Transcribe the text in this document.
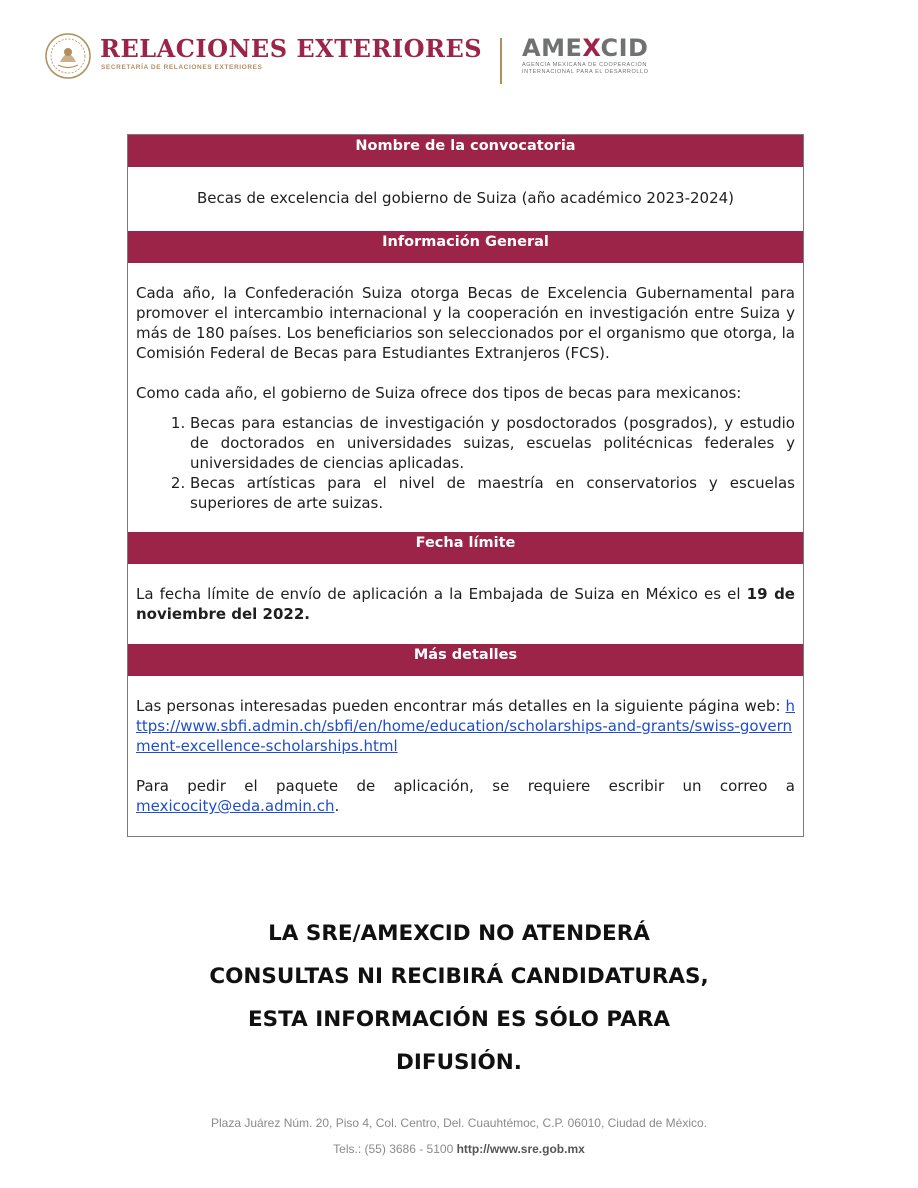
RELACIONES EXTERIORES
SECRETARÍA DE RELACIONES EXTERIORES
AMEXCID
AGENCIA MEXICANA DE COOPERACIÓN
INTERNACIONAL PARA EL DESARROLLO
Nombre de la convocatoria
Becas de excelencia del gobierno de Suiza (año académico 2023-2024)
Información General

Cada año, la Confederación Suiza otorga Becas de Excelencia Gubernamental para promover el intercambio internacional y la cooperación en investigación entre Suiza y más de 180 países. Los beneficiarios son seleccionados por el organismo que otorga, la Comisión Federal de Becas para Estudiantes Extranjeros (FCS).

Como cada año, el gobierno de Suiza ofrece dos tipos de becas para mexicanos:

1. Becas para estancias de investigación y posdoctorados (posgrados), y estudio de doctorados en universidades suizas, escuelas politécnicas federales y universidades de ciencias aplicadas.
2. Becas artísticas para el nivel de maestría en conservatorios y escuelas superiores de arte suizas.
Fecha límite

La fecha límite de envío de aplicación a la Embajada de Suiza en México es el 19 de noviembre del 2022.

Más detalles

Las personas interesadas pueden encontrar más detalles en la siguiente página web: https://www.sbfi.admin.ch/sbfi/en/home/education/scholarships-and-grants/swiss-government-excellence-scholarships.html

Para pedir el paquete de aplicación, se requiere escribir un correo a mexicocity@eda.admin.ch.

LA SRE/AMEXCID NO ATENDERÁ
CONSULTAS NI RECIBIRÁ CANDIDATURAS,
ESTA INFORMACIÓN ES SÓLO PARA
DIFUSIÓN.
Plaza Juárez Núm. 20, Piso 4, Col. Centro, Del. Cuauhtémoc, C.P. 06010, Ciudad de México.
Tels.: (55) 3686 - 5100 http://www.sre.gob.mx
